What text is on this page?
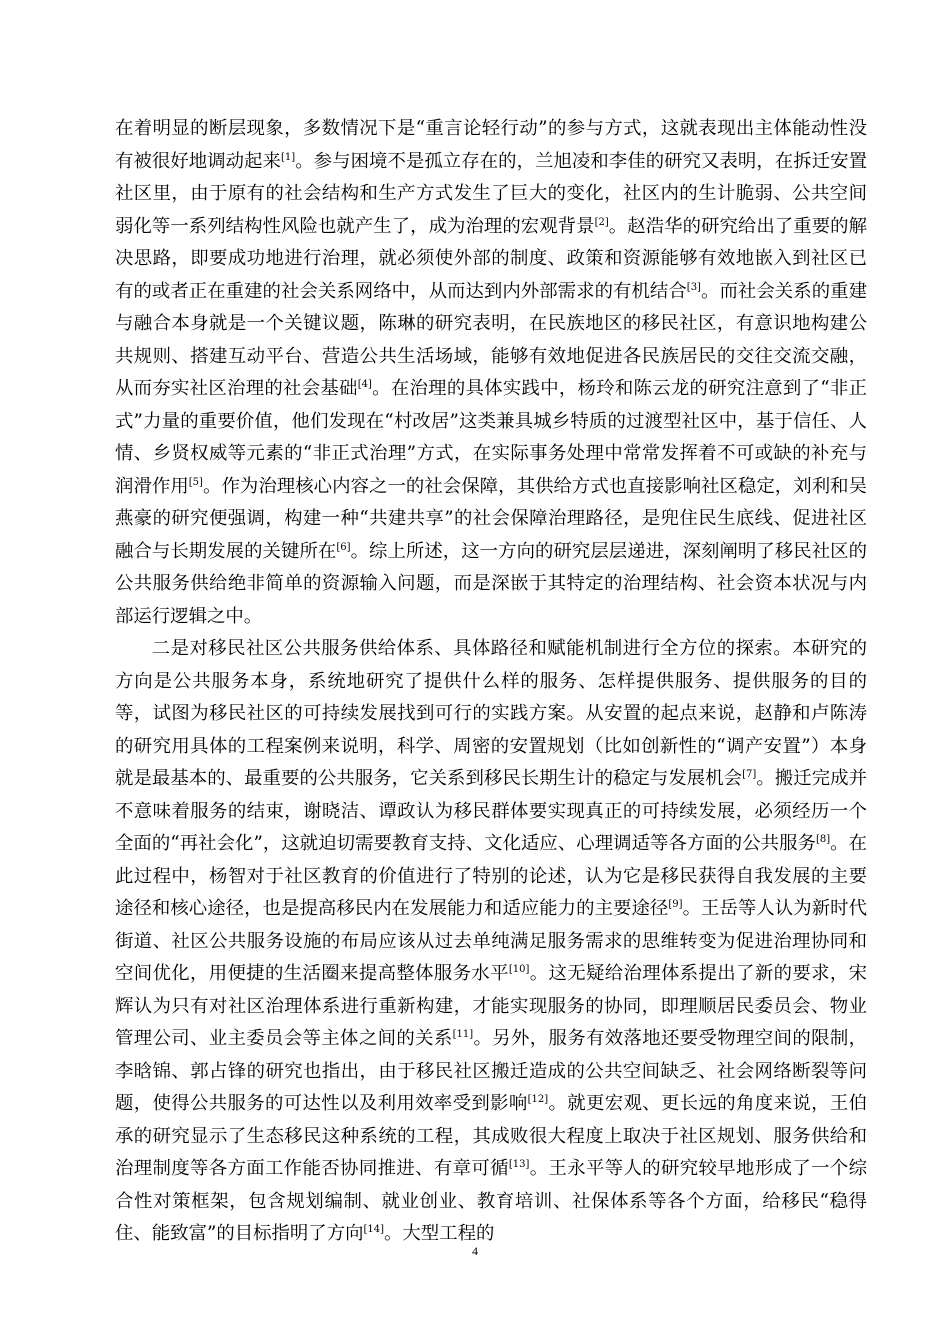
在着明显的断层现象，多数情况下是“重言论轻行动”的参与方式，这就表现出主体能动性没有被很好地调动起来[1]。参与困境不是孤立存在的，兰旭凌和李佳的研究又表明，在拆迁安置社区里，由于原有的社会结构和生产方式发生了巨大的变化，社区内的生计脆弱、公共空间弱化等一系列结构性风险也就产生了，成为治理的宏观背景[2]。赵浩华的研究给出了重要的解决思路，即要成功地进行治理，就必须使外部的制度、政策和资源能够有效地嵌入到社区已有的或者正在重建的社会关系网络中，从而达到内外部需求的有机结合[3]。而社会关系的重建与融合本身就是一个关键议题，陈琳的研究表明，在民族地区的移民社区，有意识地构建公共规则、搭建互动平台、营造公共生活场域，能够有效地促进各民族居民的交往交流交融，从而夯实社区治理的社会基础[4]。在治理的具体实践中，杨玲和陈云龙的研究注意到了“非正式”力量的重要价值，他们发现在“村改居”这类兼具城乡特质的过渡型社区中，基于信任、人情、乡贤权威等元素的“非正式治理”方式，在实际事务处理中常常发挥着不可或缺的补充与润滑作用[5]。作为治理核心内容之一的社会保障，其供给方式也直接影响社区稳定，刘利和吴燕豪的研究便强调，构建一种“共建共享”的社会保障治理路径，是兜住民生底线、促进社区融合与长期发展的关键所在[6]。综上所述，这一方向的研究层层递进，深刻阐明了移民社区的公共服务供给绝非简单的资源输入问题，而是深嵌于其特定的治理结构、社会资本状况与内部运行逻辑之中。

二是对移民社区公共服务供给体系、具体路径和赋能机制进行全方位的探索。本研究的方向是公共服务本身，系统地研究了提供什么样的服务、怎样提供服务、提供服务的目的等，试图为移民社区的可持续发展找到可行的实践方案。从安置的起点来说，赵静和卢陈涛的研究用具体的工程案例来说明，科学、周密的安置规划（比如创新性的“调产安置”）本身就是最基本的、最重要的公共服务，它关系到移民长期生计的稳定与发展机会[7]。搬迁完成并不意味着服务的结束，谢晓洁、谭政认为移民群体要实现真正的可持续发展，必须经历一个全面的“再社会化”，这就迫切需要教育支持、文化适应、心理调适等各方面的公共服务[8]。在此过程中，杨智对于社区教育的价值进行了特别的论述，认为它是移民获得自我发展的主要途径和核心途径，也是提高移民内在发展能力和适应能力的主要途径[9]。王岳等人认为新时代街道、社区公共服务设施的布局应该从过去单纯满足服务需求的思维转变为促进治理协同和空间优化，用便捷的生活圈来提高整体服务水平[10]。这无疑给治理体系提出了新的要求，宋辉认为只有对社区治理体系进行重新构建，才能实现服务的协同，即理顺居民委员会、物业管理公司、业主委员会等主体之间的关系[11]。另外，服务有效落地还要受物理空间的限制，李晗锦、郭占锋的研究也指出，由于移民社区搬迁造成的公共空间缺乏、社会网络断裂等问题，使得公共服务的可达性以及利用效率受到影响[12]。就更宏观、更长远的角度来说，王伯承的研究显示了生态移民这种系统的工程，其成败很大程度上取决于社区规划、服务供给和治理制度等各方面工作能否协同推进、有章可循[13]。王永平等人的研究较早地形成了一个综合性对策框架，包含规划编制、就业创业、教育培训、社保体系等各个方面，给移民“稳得住、能致富”的目标指明了方向[14]。大型工程的

4
